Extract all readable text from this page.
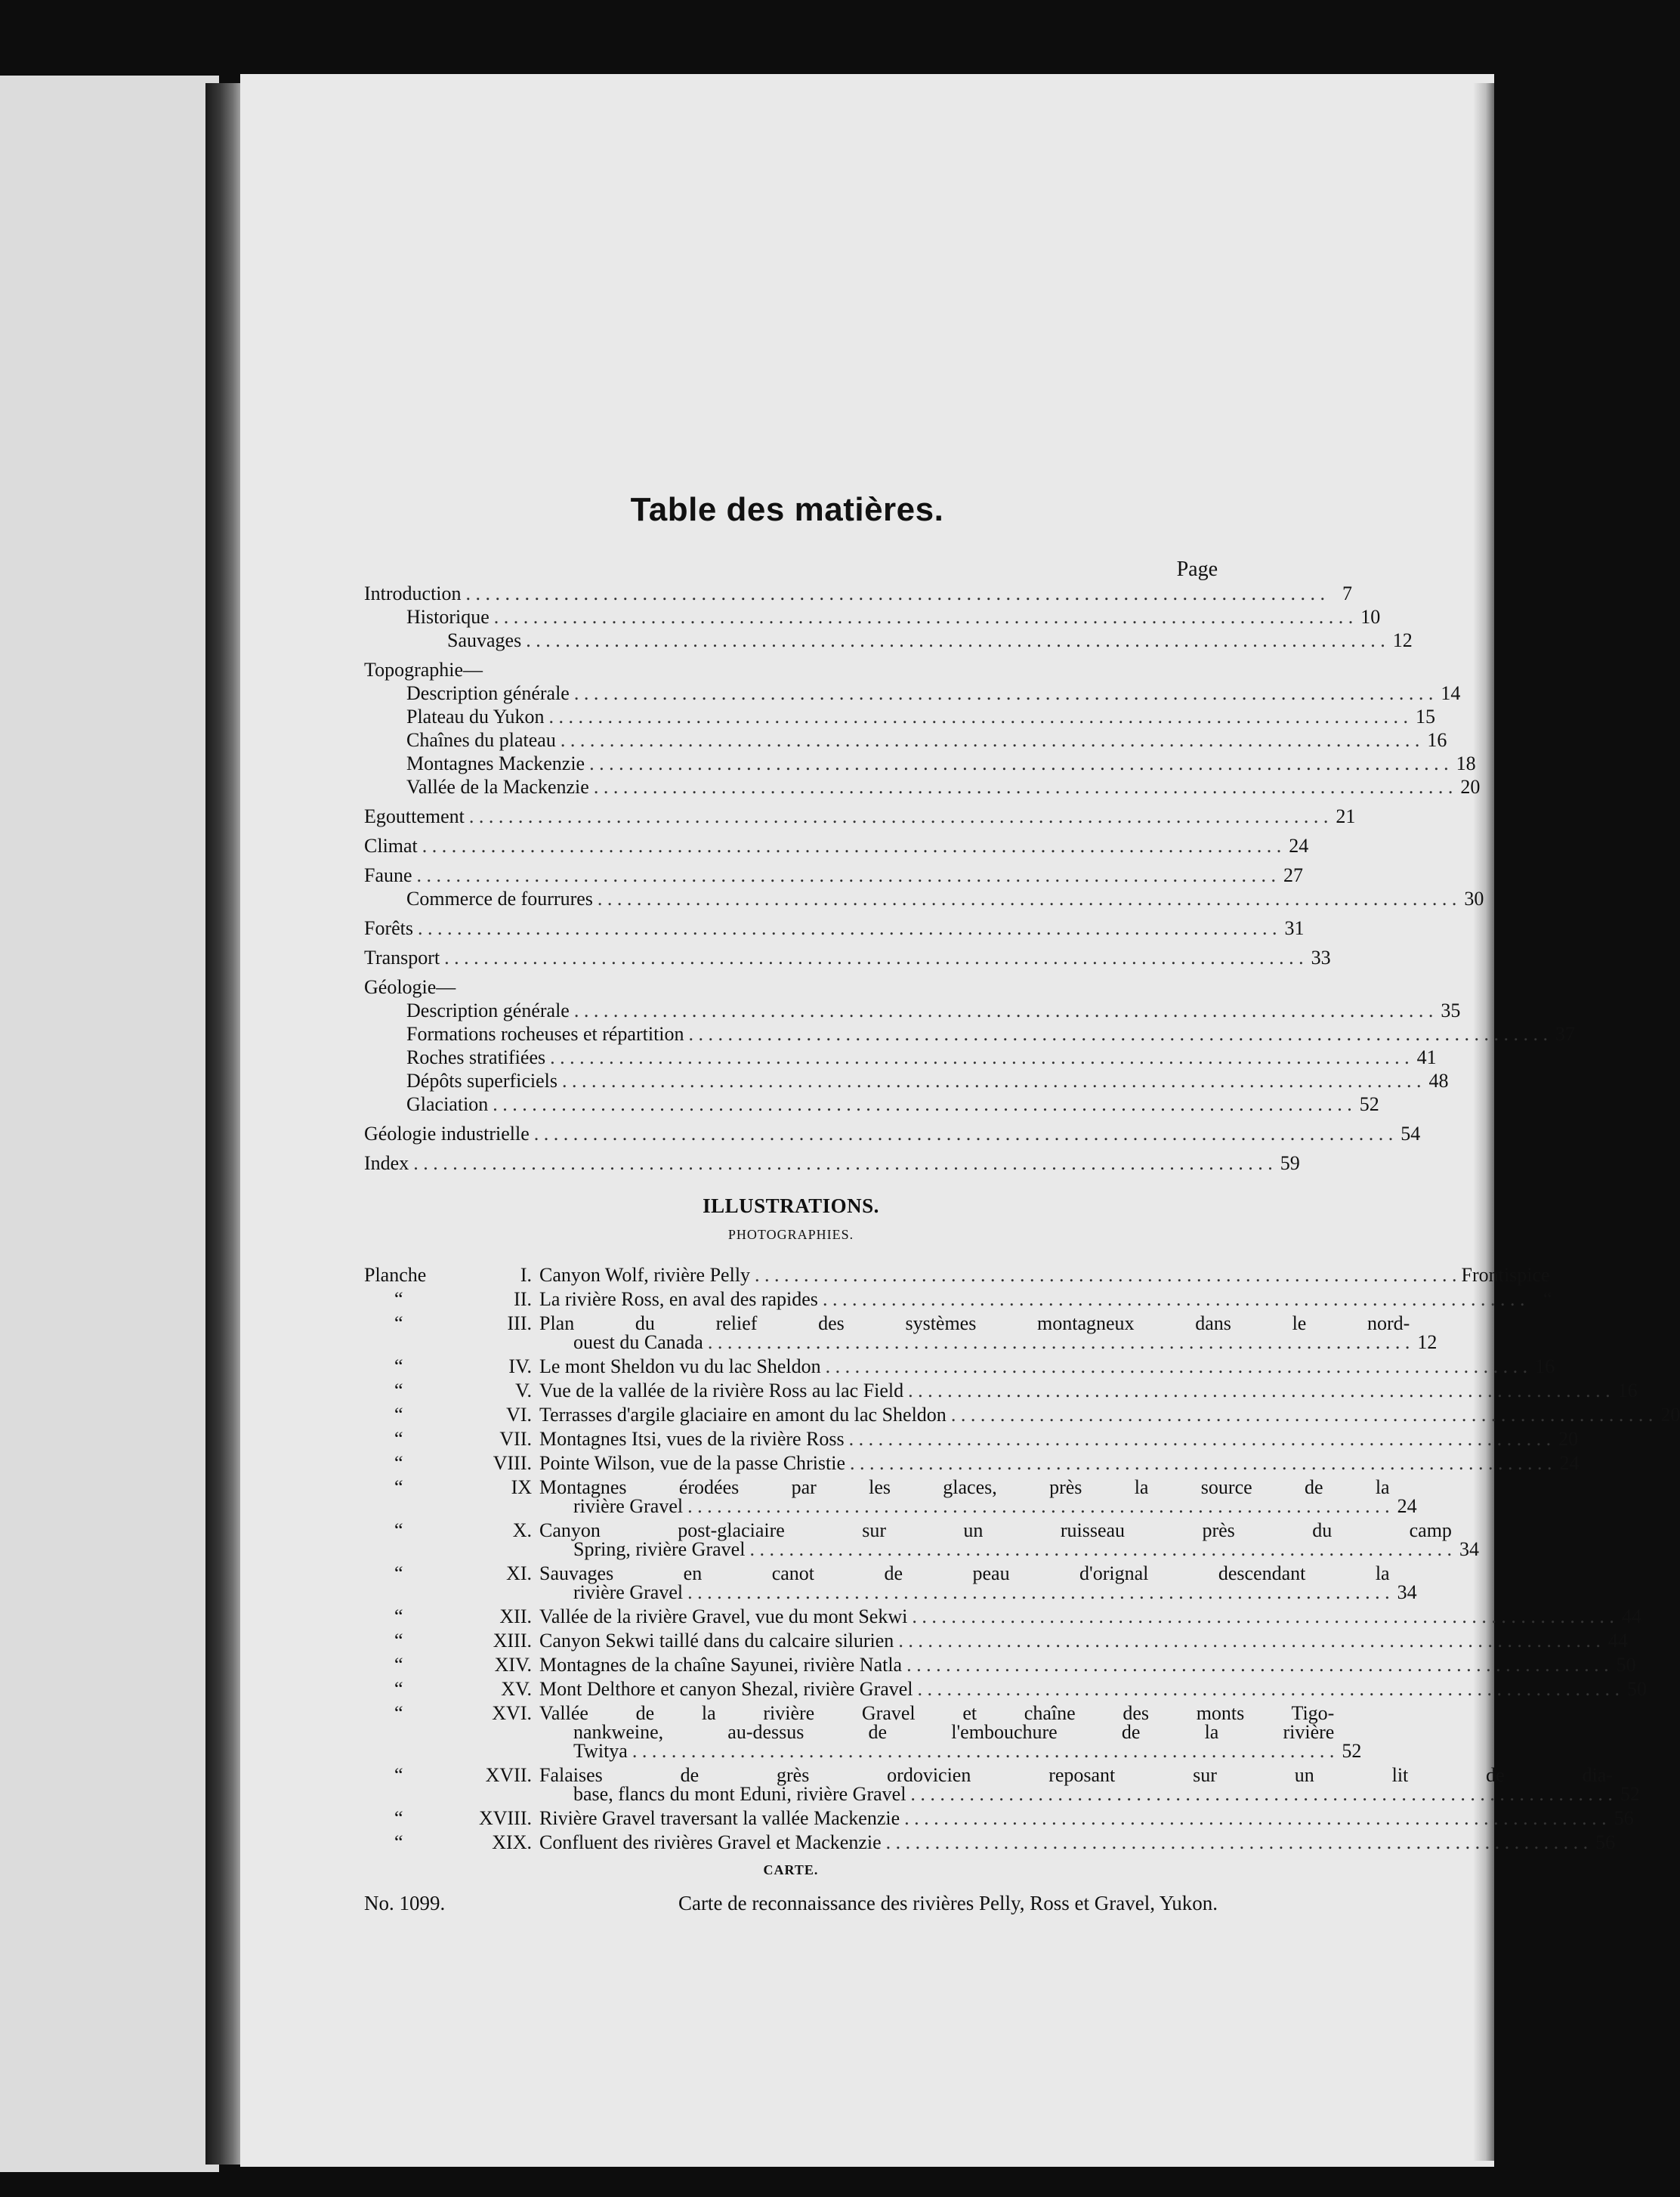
Table des matières.
Page
Introduction . . .	7
Historique . . .	10
Sauvages . . .	12
Topographie—
Description générale . . .	14
Plateau du Yukon . . .	15
Chaînes du plateau . . .	16
Montagnes Mackenzie . . .	18
Vallée de la Mackenzie . . .	20
Egouttement . . .	21
Climat . . .	24
Faune . . .	27
Commerce de fourrures . . .	30
Forêts . . .	31
Transport . . .	33
Géologie—
Description générale . . .	35
Formations rocheuses et répartition . . .	37
Roches stratifiées . . .	41
Dépôts superficiels . . .	48
Glaciation . . .	52
Géologie industrielle . . .	54
Index . . .	59
ILLUSTRATIONS.
PHOTOGRAPHIES.
Planche	I. Canyon Wolf, rivière Pelly . . .	Frontispice
“	II. La rivière Ross, en aval des rapides . . .	“
“	III. Plan du relief des systèmes montagneux dans le nord-
ouest du Canada . . .	12
“	IV. Le mont Sheldon vu du lac Sheldon . . .	16
“	V. Vue de la vallée de la rivière Ross au lac Field . . .	16
“	VI. Terrasses d'argile glaciaire en amont du lac Sheldon . . .	20
“	VII. Montagnes Itsi, vues de la rivière Ross . . .	20
“	VIII. Pointe Wilson, vue de la passe Christie . . .	24
“	IX Montagnes érodées par les glaces, près la source de la
rivière Gravel . . .	24
“	X. Canyon post-glaciaire sur un ruisseau près du camp
Spring, rivière Gravel . . .	34
“	XI. Sauvages en canot de peau d'orignal descendant la
rivière Gravel . . .	34
“	XII. Vallée de la rivière Gravel, vue du mont Sekwi . . .	44
“	XIII. Canyon Sekwi taillé dans du calcaire silurien . . .	44
“	XIV. Montagnes de la chaîne Sayunei, rivière Natla . . .	50
“	XV. Mont Delthore et canyon Shezal, rivière Gravel . . .	50
“	XVI. Vallée de la rivière Gravel et chaîne des monts Tigo-
nankweine, au-dessus de l'embouchure de la rivière
Twitya . . .	52
“	XVII. Falaises de grès ordovicien reposant sur un lit de dia-
base, flancs du mont Eduni, rivière Gravel . . .	52
“	XVIII. Rivière Gravel traversant la vallée Mackenzie . . .	56
“	XIX. Confluent des rivières Gravel et Mackenzie . . .	56
CARTE.
No. 1099.	Carte de reconnaissance des rivières Pelly, Ross et Gravel, Yukon.
